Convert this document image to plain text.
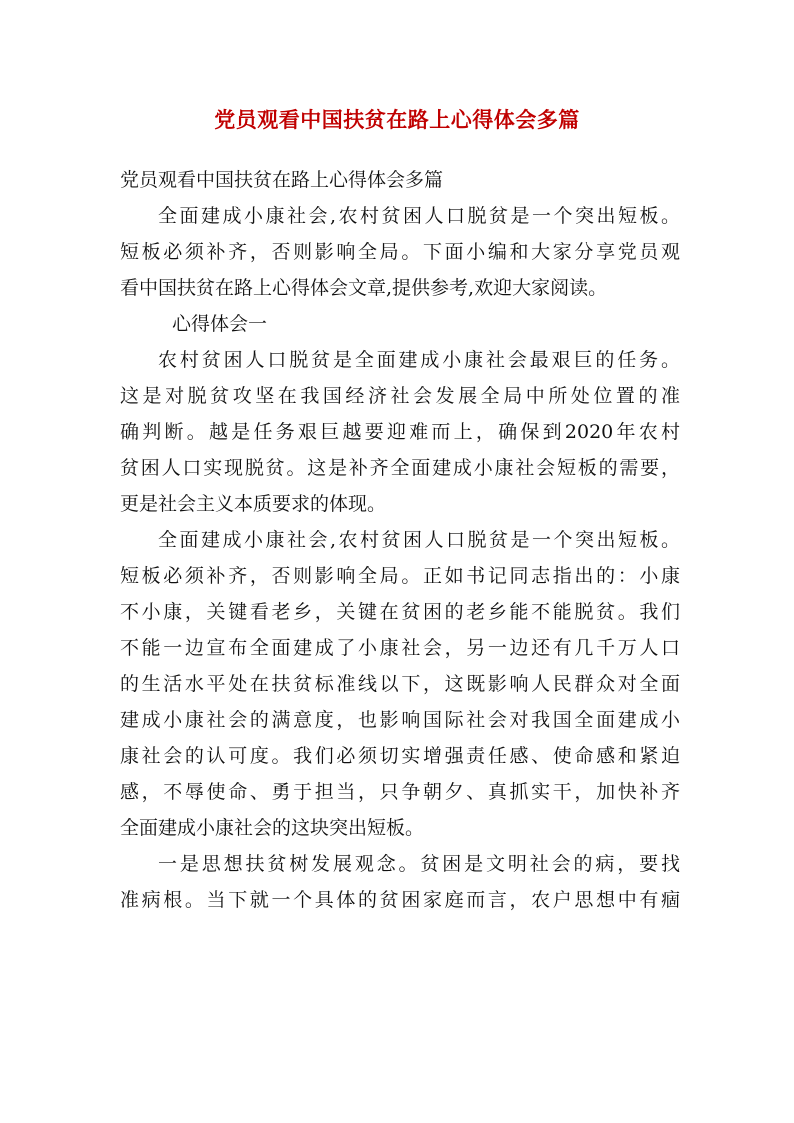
党员观看中国扶贫在路上心得体会多篇
党员观看中国扶贫在路上心得体会多篇
全面建成小康社会,农村贫困人口脱贫是一个突出短板。
短板必须补齐，否则影响全局。下面小编和大家分享党员观
看中国扶贫在路上心得体会文章,提供参考,欢迎大家阅读。
心得体会一
农村贫困人口脱贫是全面建成小康社会最艰巨的任务。
这是对脱贫攻坚在我国经济社会发展全局中所处位置的准
确判断。越是任务艰巨越要迎难而上，确保到2020年农村
贫困人口实现脱贫。这是补齐全面建成小康社会短板的需要，
更是社会主义本质要求的体现。
全面建成小康社会,农村贫困人口脱贫是一个突出短板。
短板必须补齐，否则影响全局。正如书记同志指出的：小康
不小康，关键看老乡，关键在贫困的老乡能不能脱贫。我们
不能一边宣布全面建成了小康社会，另一边还有几千万人口
的生活水平处在扶贫标准线以下，这既影响人民群众对全面
建成小康社会的满意度，也影响国际社会对我国全面建成小
康社会的认可度。我们必须切实增强责任感、使命感和紧迫
感，不辱使命、勇于担当，只争朝夕、真抓实干，加快补齐
全面建成小康社会的这块突出短板。
一是思想扶贫树发展观念。贫困是文明社会的病，要找
准病根。当下就一个具体的贫困家庭而言，农户思想中有痼
